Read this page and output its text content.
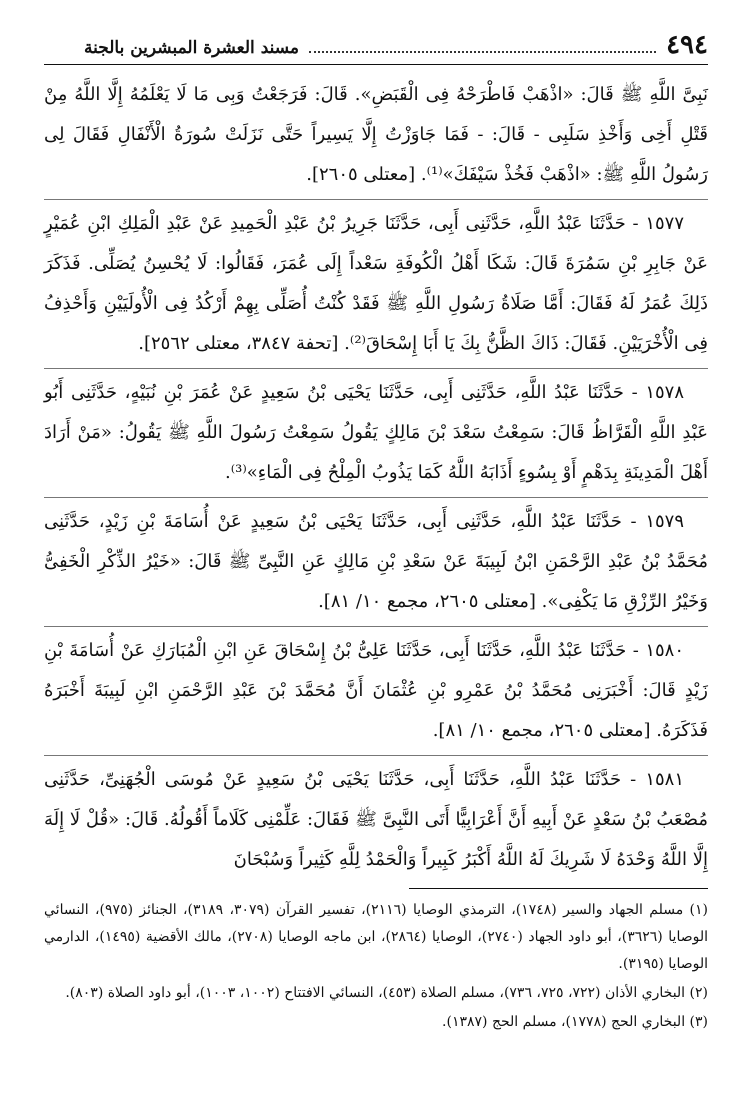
٤٩٤
مسند العشرة المبشرين بالجنة

نَبِىَّ اللَّهِ ﷺ قَالَ: «اذْهَبْ فَاطْرَحْهُ فِى الْقَبَضِ». قَالَ: فَرَجَعْتُ وَبِى مَا لَا يَعْلَمُهُ إِلَّا اللَّهُ مِنْ قَتْلِ أَخِى وَأَخْذِ سَلَبِى - قَالَ: - فَمَا جَاوَزْتُ إِلَّا يَسِيراً حَتَّى نَزَلَتْ سُورَةُ الْأَنْفَالِ فَقَالَ لِى رَسُولُ اللَّهِ ﷺ: «اذْهَبْ فَخُذْ سَيْفَكَ»⁽¹⁾. [معتلى ٢٦٠٥].

١٥٧٧ - حَدَّثَنَا عَبْدُ اللَّهِ، حَدَّثَنِى أَبِى، حَدَّثَنَا جَرِيرُ بْنُ عَبْدِ الْحَمِيدِ عَنْ عَبْدِ الْمَلِكِ ابْنِ عُمَيْرٍ عَنْ جَابِرِ بْنِ سَمُرَةَ قَالَ: شَكَا أَهْلُ الْكُوفَةِ سَعْداً إِلَى عُمَرَ، فَقَالُوا: لَا يُحْسِنُ يُصَلِّى. فَذَكَرَ ذَلِكَ عُمَرُ لَهُ فَقَالَ: أَمَّا صَلَاةُ رَسُولِ اللَّهِ ﷺ فَقَدْ كُنْتُ أُصَلِّى بِهِمْ أَرْكُدُ فِى الْأُولَيَيْنِ وَأَحْذِفُ فِى الْأُخْرَيَيْنِ. فَقَالَ: ذَاكَ الظَّنُّ بِكَ يَا أَبَا إِسْحَاقَ⁽²⁾. [تحفة ٣٨٤٧، معتلى ٢٥٦٢].

١٥٧٨ - حَدَّثَنَا عَبْدُ اللَّهِ، حَدَّثَنِى أَبِى، حَدَّثَنَا يَحْيَى بْنُ سَعِيدٍ عَنْ عُمَرَ بْنِ نُبَيْهٍ، حَدَّثَنِى أَبُو عَبْدِ اللَّهِ الْقَرَّاظُ قَالَ: سَمِعْتُ سَعْدَ بْنَ مَالِكٍ يَقُولُ سَمِعْتُ رَسُولَ اللَّهِ ﷺ يَقُولُ: «مَنْ أَرَادَ أَهْلَ الْمَدِينَةِ بِدَهْمٍ أَوْ بِسُوءٍ أَذَابَهُ اللَّهُ كَمَا يَذُوبُ الْمِلْحُ فِى الْمَاءِ»⁽³⁾.

١٥٧٩ - حَدَّثَنَا عَبْدُ اللَّهِ، حَدَّثَنِى أَبِى، حَدَّثَنَا يَحْيَى بْنُ سَعِيدٍ عَنْ أُسَامَةَ بْنِ زَيْدٍ، حَدَّثَنِى مُحَمَّدُ بْنُ عَبْدِ الرَّحْمَنِ ابْنُ لَبِيبَةَ عَنْ سَعْدِ بْنِ مَالِكٍ عَنِ النَّبِىِّ ﷺ قَالَ: «خَيْرُ الذِّكْرِ الْخَفِىُّ وَخَيْرُ الرِّزْقِ مَا يَكْفِى». [معتلى ٢٦٠٥، مجمع ١٠/ ٨١].

١٥٨٠ - حَدَّثَنَا عَبْدُ اللَّهِ، حَدَّثَنَا أَبِى، حَدَّثَنَا عَلِىُّ بْنُ إِسْحَاقَ عَنِ ابْنِ الْمُبَارَكِ عَنْ أُسَامَةَ بْنِ زَيْدٍ قَالَ: أَخْبَرَنِى مُحَمَّدُ بْنُ عَمْرِو بْنِ عُثْمَانَ أَنَّ مُحَمَّدَ بْنَ عَبْدِ الرَّحْمَنِ ابْنِ لَبِيبَةَ أَخْبَرَهُ فَذَكَرَهُ. [معتلى ٢٦٠٥، مجمع ١٠/ ٨١].

١٥٨١ - حَدَّثَنَا عَبْدُ اللَّهِ، حَدَّثَنَا أَبِى، حَدَّثَنَا يَحْيَى بْنُ سَعِيدٍ عَنْ مُوسَى الْجُهَنِىِّ، حَدَّثَنِى مُصْعَبُ بْنُ سَعْدٍ عَنْ أَبِيهِ أَنَّ أَعْرَابِيًّا أَتَى النَّبِىَّ ﷺ فَقَالَ: عَلِّمْنِى كَلَاماً أَقُولُهُ. قَالَ: «قُلْ لَا إِلَهَ إِلَّا اللَّهُ وَحْدَهُ لَا شَرِيكَ لَهُ اللَّهُ أَكْبَرُ كَبِيراً وَالْحَمْدُ لِلَّهِ كَثِيراً وَسُبْحَانَ

(١) مسلم الجهاد والسير (١٧٤٨)، الترمذي الوصايا (٢١١٦)، تفسير القرآن (٣٠٧٩، ٣١٨٩)، الجنائز (٩٧٥)، النسائي الوصايا (٣٦٢٦)، أبو داود الجهاد (٢٧٤٠)، الوصايا (٢٨٦٤)، ابن ماجه الوصايا (٢٧٠٨)، مالك الأقضية (١٤٩٥)، الدارمي الوصايا (٣١٩٥).

(٢) البخاري الأذان (٧٢٢، ٧٢٥، ٧٣٦)، مسلم الصلاة (٤٥٣)، النسائي الافتتاح (١٠٠٢، ١٠٠٣)، أبو داود الصلاة (٨٠٣).

(٣) البخاري الحج (١٧٧٨)، مسلم الحج (١٣٨٧).
